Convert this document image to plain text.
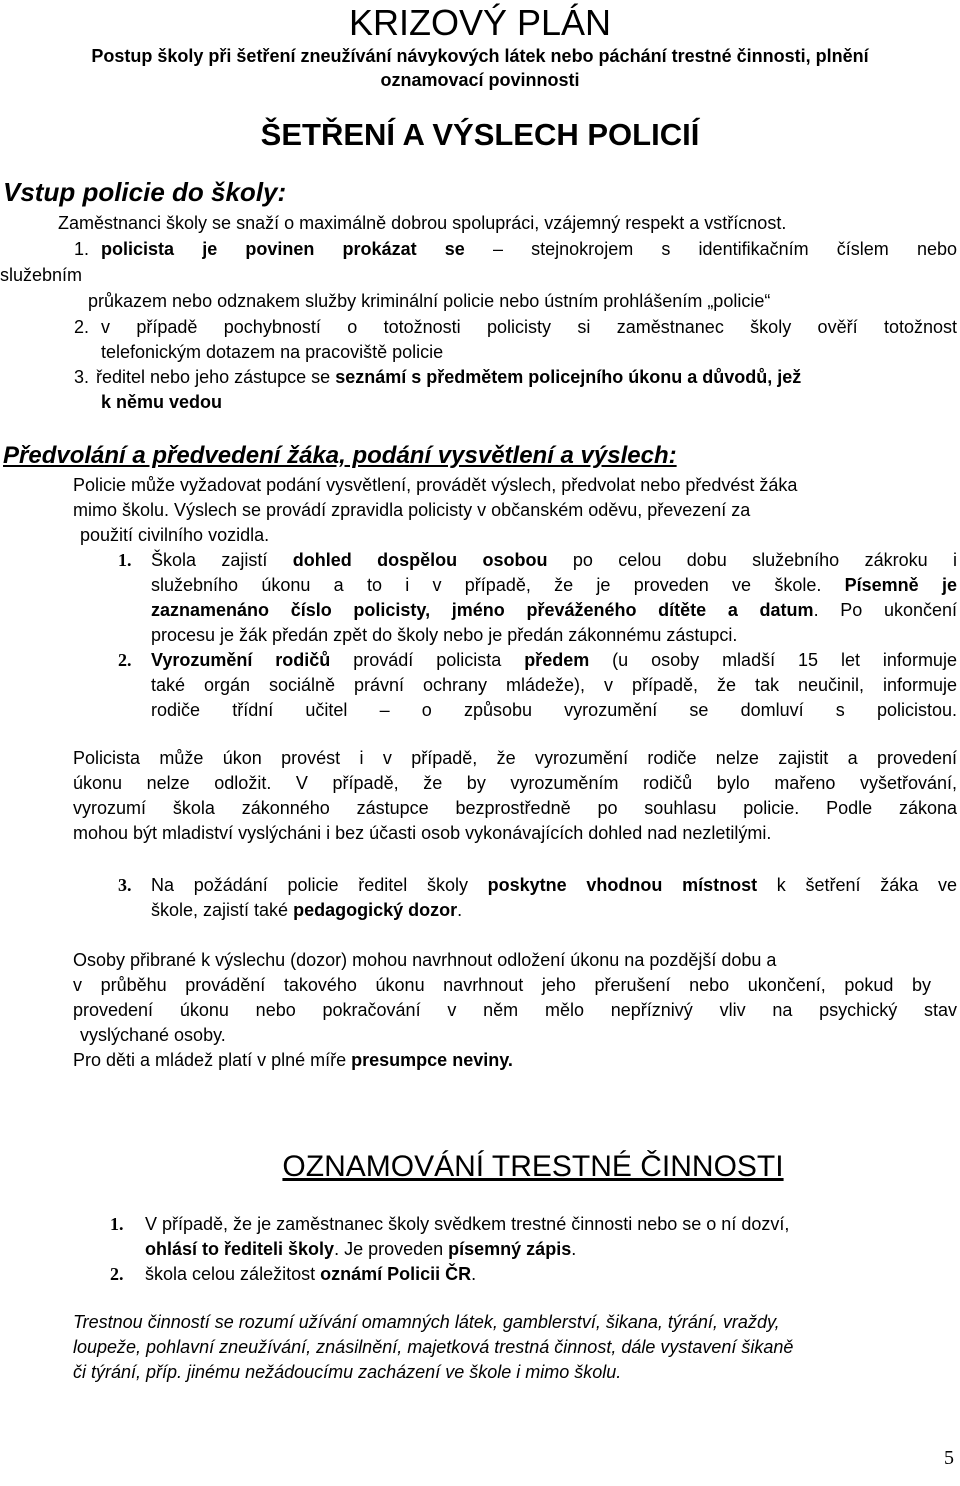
KRIZOVÝ PLÁN
Postup školy při šetření zneužívání návykových látek nebo páchání trestné činnosti, plnění
oznamovací povinnosti
ŠETŘENÍ A VÝSLECH POLICIÍ
Vstup policie do školy:
Zaměstnanci školy se snaží o maximálně dobrou spolupráci, vzájemný respekt a vstřícnost.
1. policista je povinen prokázat se – stejnokrojem s identifikačním číslem nebo
služebním
průkazem nebo odznakem služby kriminální policie nebo ústním prohlášením „policie“
2. v případě pochybností o totožnosti policisty si zaměstnanec školy ověří totožnost
telefonickým dotazem na pracoviště policie
3. ředitel nebo jeho zástupce se seznámí s předmětem policejního úkonu a důvodů, jež
k němu vedou
Předvolání a předvedení žáka, podání vysvětlení a výslech:
Policie může vyžadovat podání vysvětlení, provádět výslech, předvolat nebo předvést žáka
mimo školu. Výslech se provádí zpravidla policisty v občanském oděvu, převezení za
použití civilního vozidla.
1. Škola zajistí dohled dospělou osobou po celou dobu služebního zákroku i
služebního úkonu a to i v případě, že je proveden ve škole. Písemně je
zaznamenáno číslo policisty, jméno převáženého dítěte a datum. Po ukončení
procesu je žák předán zpět do školy nebo je předán zákonnému zástupci.
2. Vyrozumění rodičů provádí policista předem (u osoby mladší 15 let informuje
také orgán sociálně právní ochrany mládeže), v případě, že tak neučinil, informuje
rodiče třídní učitel – o způsobu vyrozumění se domluví s policistou.
Policista může úkon provést i v případě, že vyrozumění rodiče nelze zajistit a provedení
úkonu nelze odložit. V případě, že by vyrozuměním rodičů bylo mařeno vyšetřování,
vyrozumí škola zákonného zástupce bezprostředně po souhlasu policie. Podle zákona
mohou být mladiství vyslýcháni i bez účasti osob vykonávajících dohled nad nezletilými.
3. Na požádání policie ředitel školy poskytne vhodnou místnost k šetření žáka ve
škole, zajistí také pedagogický dozor.
Osoby přibrané k výslechu (dozor) mohou navrhnout odložení úkonu na pozdější dobu a
v průběhu provádění takového úkonu navrhnout jeho přerušení nebo ukončení, pokud by
provedení úkonu nebo pokračování v něm mělo nepříznivý vliv na psychický stav
vyslýchané osoby.
Pro děti a mládež platí v plné míře presumpce neviny.
OZNAMOVÁNÍ TRESTNÉ ČINNOSTI
1. V případě, že je zaměstnanec školy svědkem trestné činnosti nebo se o ní dozví,
ohlásí to řediteli školy. Je proveden písemný zápis.
2. škola celou záležitost oznámí Policii ČR.
Trestnou činností se rozumí užívání omamných látek, gamblerství, šikana, týrání, vraždy,
loupeže, pohlavní zneužívání, znásilnění, majetková trestná činnost, dále vystavení šikaně
či týrání, příp. jinému nežádoucímu zacházení ve škole i mimo školu.
5
